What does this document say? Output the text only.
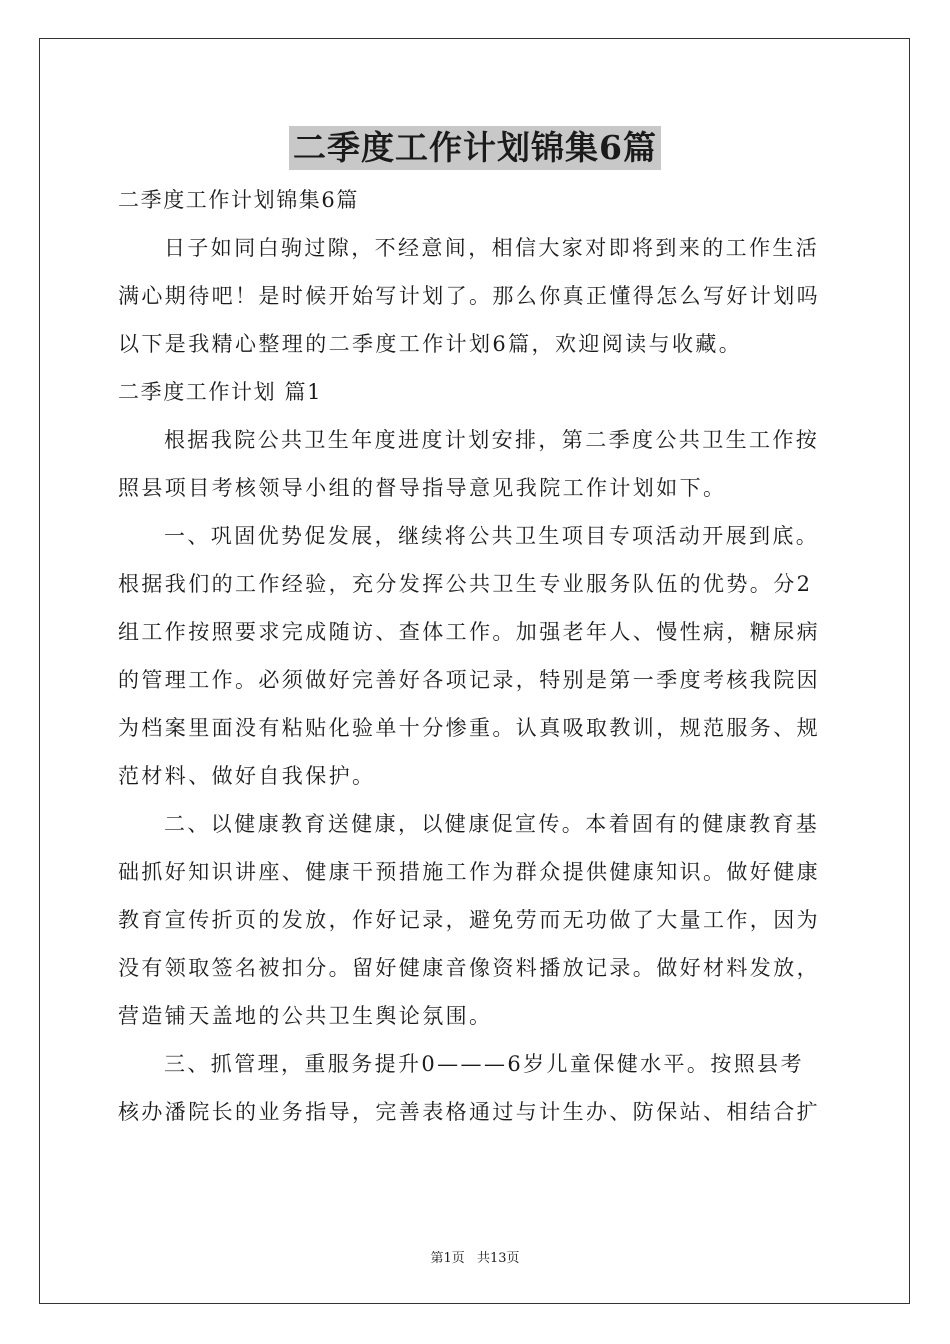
二季度工作计划锦集6篇
二季度工作计划锦集6篇
日子如同白驹过隙，不经意间，相信大家对即将到来的工作生活
满心期待吧！是时候开始写计划了。那么你真正懂得怎么写好计划吗
以下是我精心整理的二季度工作计划6篇，欢迎阅读与收藏。
二季度工作计划 篇1
根据我院公共卫生年度进度计划安排，第二季度公共卫生工作按
照县项目考核领导小组的督导指导意见我院工作计划如下。
一、巩固优势促发展，继续将公共卫生项目专项活动开展到底。
根据我们的工作经验，充分发挥公共卫生专业服务队伍的优势。分2
组工作按照要求完成随访、查体工作。加强老年人、慢性病，糖尿病
的管理工作。必须做好完善好各项记录，特别是第一季度考核我院因
为档案里面没有粘贴化验单十分惨重。认真吸取教训，规范服务、规
范材料、做好自我保护。
二、以健康教育送健康，以健康促宣传。本着固有的健康教育基
础抓好知识讲座、健康干预措施工作为群众提供健康知识。做好健康
教育宣传折页的发放，作好记录，避免劳而无功做了大量工作，因为
没有领取签名被扣分。留好健康音像资料播放记录。做好材料发放，
营造铺天盖地的公共卫生舆论氛围。
三、抓管理，重服务提升0———6岁儿童保健水平。按照县考
核办潘院长的业务指导，完善表格通过与计生办、防保站、相结合扩
第1页 共13页
